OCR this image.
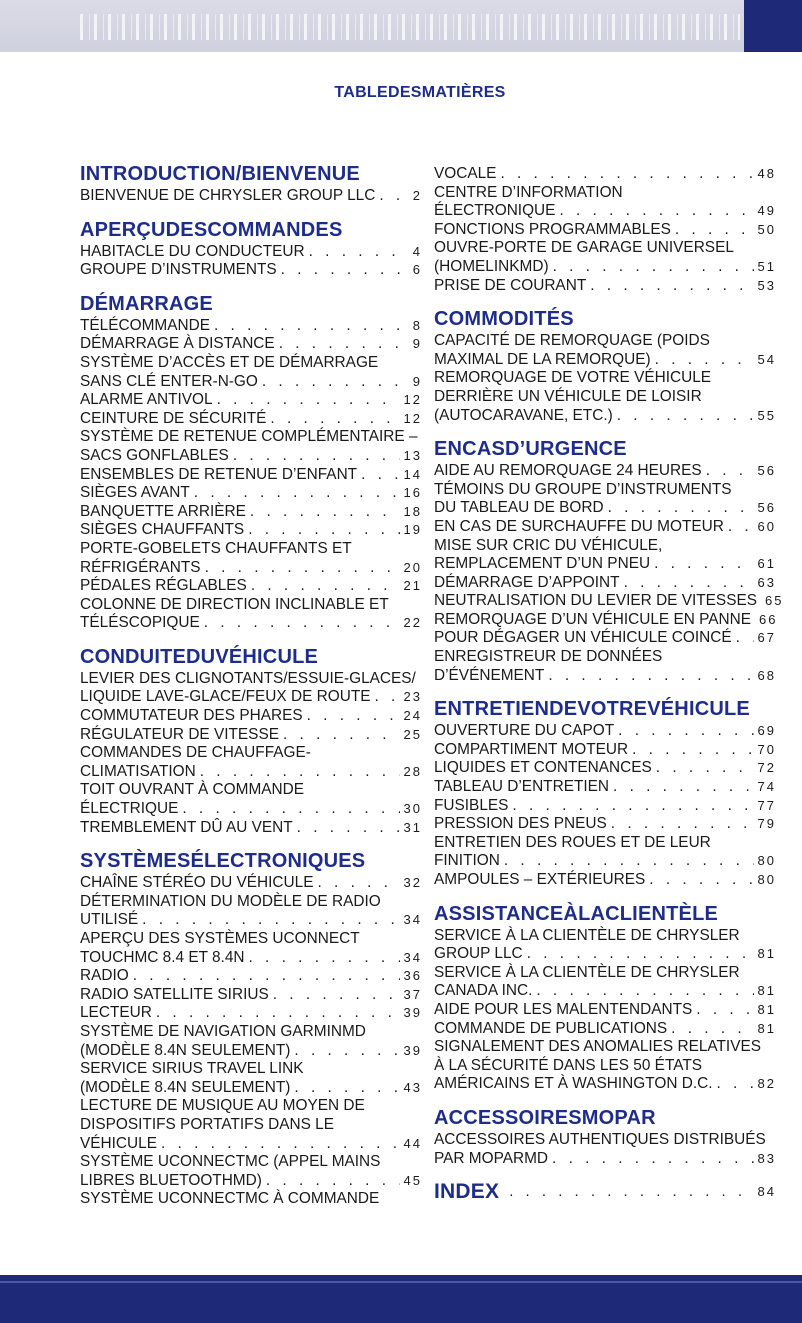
TABLEDESMATIÈRES
INTRODUCTION/BIENVENUE
BIENVENUE DE CHRYSLER GROUP LLC . . .	2
APERÇUDESCOMMANDES
HABITACLE DU CONDUCTEUR . . .	4
GROUPE D’INSTRUMENTS . . .	6
DÉMARRAGE
TÉLÉCOMMANDE . . .	8
DÉMARRAGE À DISTANCE . . .	9
SYSTÈME D’ACCÈS ET DE DÉMARRAGE
SANS CLÉ ENTER-N-GO . . .	9
ALARME ANTIVOL . . .	12
CEINTURE DE SÉCURITÉ . . .	12
SYSTÈME DE RETENUE COMPLÉMENTAIRE –
SACS GONFLABLES . . .	13
ENSEMBLES DE RETENUE D’ENFANT . . .	14
SIÈGES AVANT . . .	16
BANQUETTE ARRIÈRE . . .	18
SIÈGES CHAUFFANTS . . .	19
PORTE-GOBELETS CHAUFFANTS ET
RÉFRIGÉRANTS . . .	20
PÉDALES RÉGLABLES . . .	21
COLONNE DE DIRECTION INCLINABLE ET
TÉLÉSCOPIQUE . . .	22
CONDUITEDUVÉHICULE
LEVIER DES CLIGNOTANTS/ESSUIE-GLACES/
LIQUIDE LAVE-GLACE/FEUX DE ROUTE . . .	23
COMMUTATEUR DES PHARES . . .	24
RÉGULATEUR DE VITESSE . . .	25
COMMANDES DE CHAUFFAGE-
CLIMATISATION . . .	28
TOIT OUVRANT À COMMANDE
ÉLECTRIQUE . . .	30
TREMBLEMENT DÛ AU VENT . . .	31
SYSTÈMESÉLECTRONIQUES
CHAÎNE STÉRÉO DU VÉHICULE . . .	32
DÉTERMINATION DU MODÈLE DE RADIO
UTILISÉ . . .	34
APERÇU DES SYSTÈMES UCONNECT
TOUCHMC 8.4 ET 8.4N . . .	34
RADIO . . .	36
RADIO SATELLITE SIRIUS . . .	37
LECTEUR . . .	39
SYSTÈME DE NAVIGATION GARMINMD
(MODÈLE 8.4N SEULEMENT) . . .	39
SERVICE SIRIUS TRAVEL LINK
(MODÈLE 8.4N SEULEMENT) . . .	43
LECTURE DE MUSIQUE AU MOYEN DE
DISPOSITIFS PORTATIFS DANS LE
VÉHICULE . . .	44
SYSTÈME UCONNECTMC (APPEL MAINS
LIBRES BLUETOOTHMD) . . .	45
SYSTÈME UCONNECTMC À COMMANDE
VOCALE . . .	48
CENTRE D’INFORMATION
ÉLECTRONIQUE . . .	49
FONCTIONS PROGRAMMABLES . . .	50
OUVRE-PORTE DE GARAGE UNIVERSEL
(HOMELINKMD) . . .	51
PRISE DE COURANT . . .	53
COMMODITÉS
CAPACITÉ DE REMORQUAGE (POIDS
MAXIMAL DE LA REMORQUE) . . .	54
REMORQUAGE DE VOTRE VÉHICULE
DERRIÈRE UN VÉHICULE DE LOISIR
(AUTOCARAVANE, ETC.) . . .	55
ENCASD’URGENCE
AIDE AU REMORQUAGE 24 HEURES . . .	56
TÉMOINS DU GROUPE D’INSTRUMENTS
DU TABLEAU DE BORD . . .	56
EN CAS DE SURCHAUFFE DU MOTEUR . . .	60
MISE SUR CRIC DU VÉHICULE,
REMPLACEMENT D’UN PNEU . . .	61
DÉMARRAGE D’APPOINT . . .	63
NEUTRALISATION DU LEVIER DE VITESSES 65
REMORQUAGE D’UN VÉHICULE EN PANNE 66
POUR DÉGAGER UN VÉHICULE COINCÉ . . . 67
ENREGISTREUR DE DONNÉES
D’ÉVÉNEMENT . . .	68
ENTRETIENDEVOTREVÉHICULE
OUVERTURE DU CAPOT . . .	69
COMPARTIMENT MOTEUR . . .	70
LIQUIDES ET CONTENANCES . . .	72
TABLEAU D’ENTRETIEN . . .	74
FUSIBLES . . .	77
PRESSION DES PNEUS . . .	79
ENTRETIEN DES ROUES ET DE LEUR
FINITION . . .	80
AMPOULES – EXTÉRIEURES . . .	80
ASSISTANCEÀLACLIENTÈLE
SERVICE À LA CLIENTÈLE DE CHRYSLER
GROUP LLC . . .	81
SERVICE À LA CLIENTÈLE DE CHRYSLER
CANADA INC. . . .	81
AIDE POUR LES MALENTENDANTS . . .	81
COMMANDE DE PUBLICATIONS . . .	81
SIGNALEMENT DES ANOMALIES RELATIVES
À LA SÉCURITÉ DANS LES 50 ÉTATS
AMÉRICAINS ET À WASHINGTON D.C. . . .	82
ACCESSOIRESMOPAR
ACCESSOIRES AUTHENTIQUES DISTRIBUÉS
PAR MOPARMD . . .	83
INDEX . . .	84
